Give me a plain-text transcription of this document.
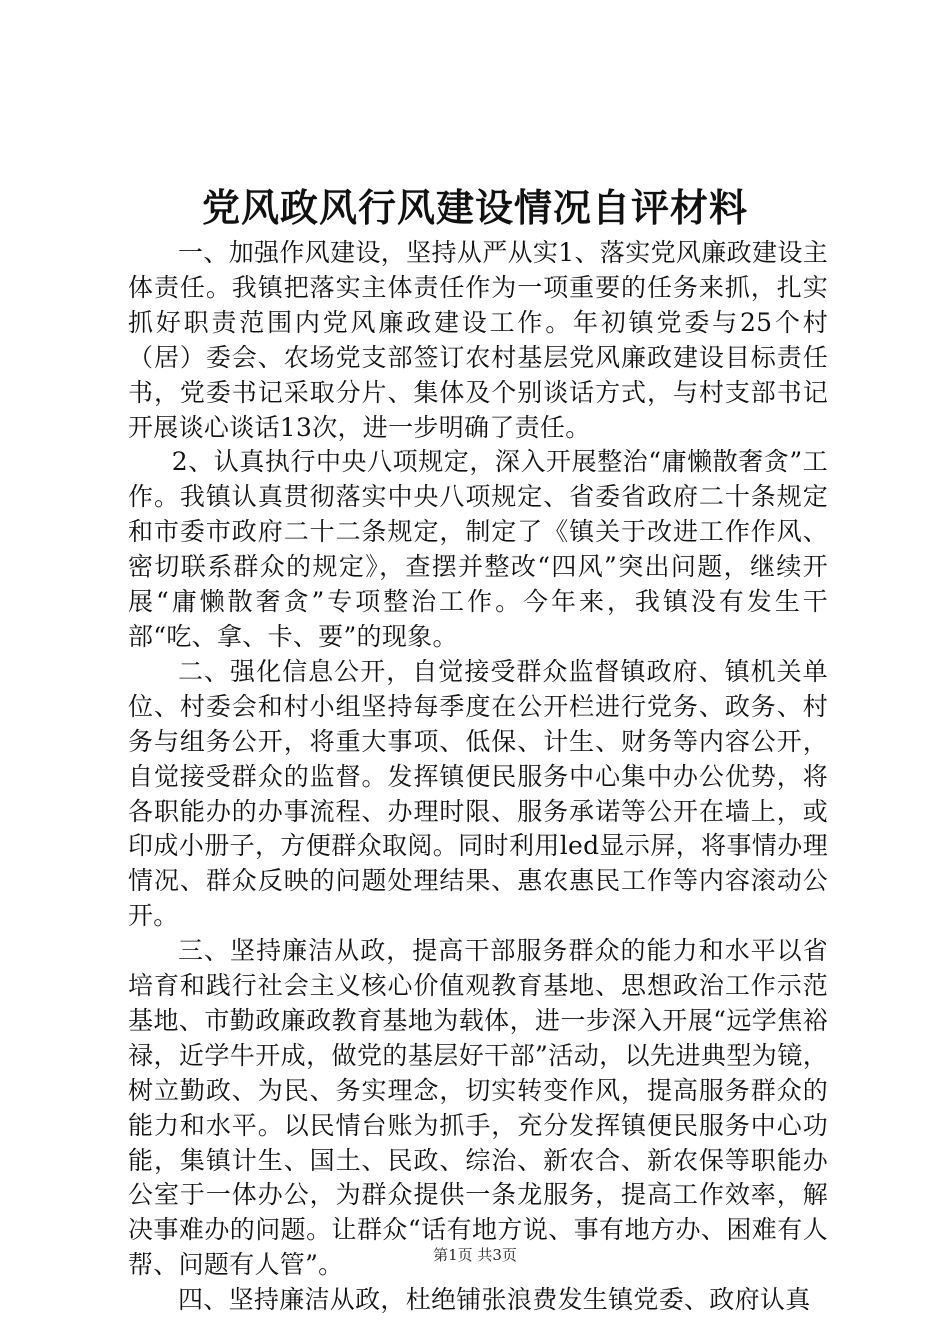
党风政风行风建设情况自评材料

一、加强作风建设，坚持从严从实1、落实党风廉政建设主体责任。我镇把落实主体责任作为一项重要的任务来抓，扎实抓好职责范围内党风廉政建设工作。年初镇党委与25个村（居）委会、农场党支部签订农村基层党风廉政建设目标责任书，党委书记采取分片、集体及个别谈话方式，与村支部书记开展谈心谈话13次，进一步明确了责任。

2、认真执行中央八项规定，深入开展整治“庸懒散奢贪”工作。我镇认真贯彻落实中央八项规定、省委省政府二十条规定和市委市政府二十二条规定，制定了《镇关于改进工作作风、密切联系群众的规定》，查摆并整改“四风”突出问题，继续开展“庸懒散奢贪”专项整治工作。今年来，我镇没有发生干部“吃、拿、卡、要”的现象。

二、强化信息公开，自觉接受群众监督镇政府、镇机关单位、村委会和村小组坚持每季度在公开栏进行党务、政务、村务与组务公开，将重大事项、低保、计生、财务等内容公开，自觉接受群众的监督。发挥镇便民服务中心集中办公优势，将各职能办的办事流程、办理时限、服务承诺等公开在墙上，或印成小册子，方便群众取阅。同时利用led显示屏，将事情办理情况、群众反映的问题处理结果、惠农惠民工作等内容滚动公开。

三、坚持廉洁从政，提高干部服务群众的能力和水平以省培育和践行社会主义核心价值观教育基地、思想政治工作示范基地、市勤政廉政教育基地为载体，进一步深入开展“远学焦裕禄，近学牛开成，做党的基层好干部”活动，以先进典型为镜，树立勤政、为民、务实理念，切实转变作风，提高服务群众的能力和水平。以民情台账为抓手，充分发挥镇便民服务中心功能，集镇计生、国土、民政、综治、新农合、新农保等职能办公室于一体办公，为群众提供一条龙服务，提高工作效率，解决事难办的问题。让群众“话有地方说、事有地方办、困难有人帮、问题有人管”。

四、坚持廉洁从政，杜绝铺张浪费发生镇党委、政府认真

第1页 共3页
